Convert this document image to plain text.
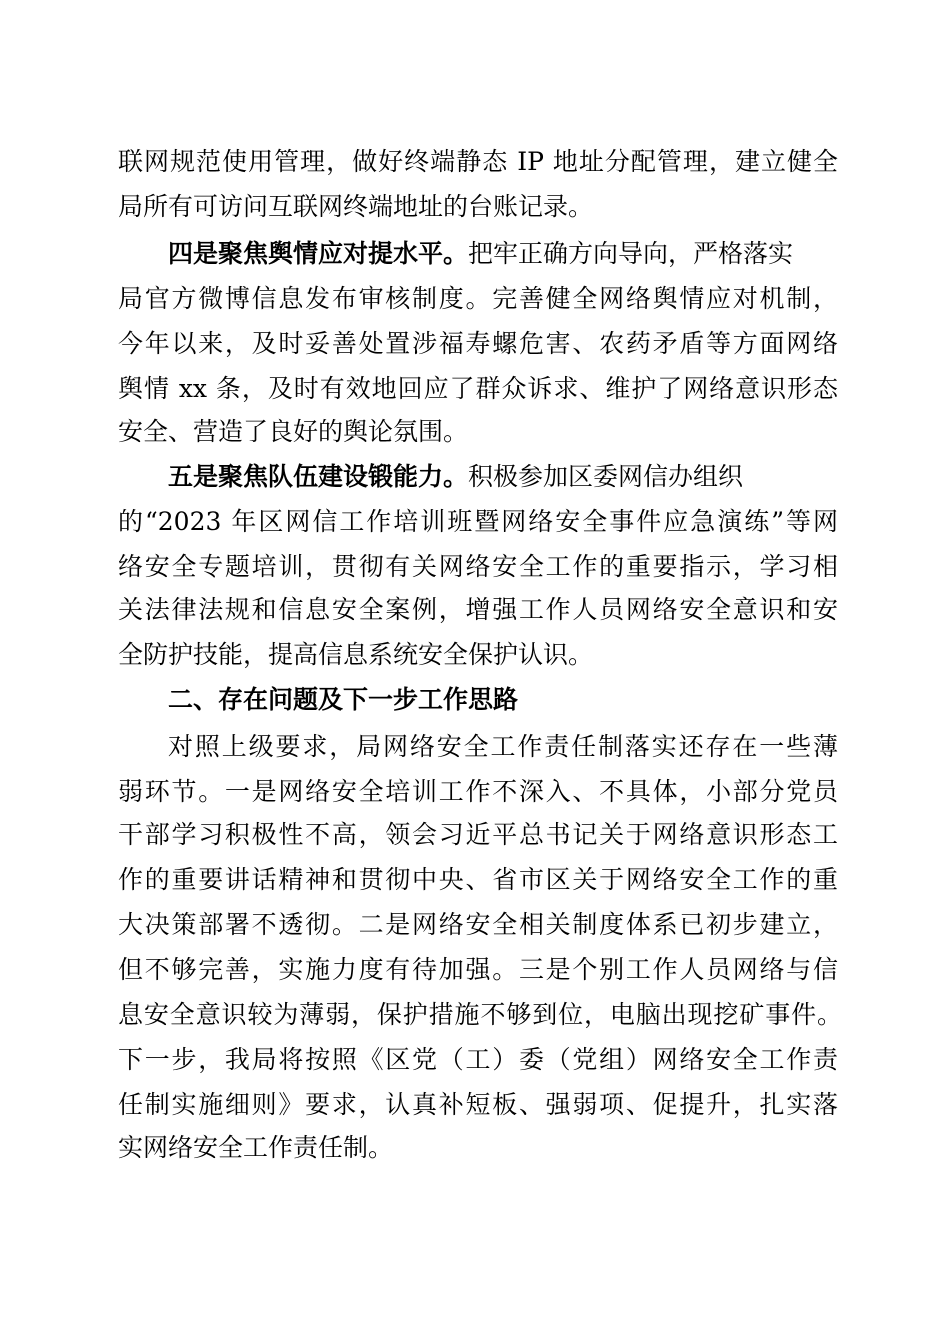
联网规范使用管理，做好终端静态 IP 地址分配管理，建立健全
局所有可访问互联网终端地址的台账记录。
四是聚焦舆情应对提水平。把牢正确方向导向，严格落实
局官方微博信息发布审核制度。完善健全网络舆情应对机制，
今年以来，及时妥善处置涉福寿螺危害、农药矛盾等方面网络
舆情 xx 条，及时有效地回应了群众诉求、维护了网络意识形态
安全、营造了良好的舆论氛围。
五是聚焦队伍建设锻能力。积极参加区委网信办组织
的“2023 年区网信工作培训班暨网络安全事件应急演练”等网
络安全专题培训，贯彻有关网络安全工作的重要指示，学习相
关法律法规和信息安全案例，增强工作人员网络安全意识和安
全防护技能，提高信息系统安全保护认识。
二、存在问题及下一步工作思路
对照上级要求，局网络安全工作责任制落实还存在一些薄
弱环节。一是网络安全培训工作不深入、不具体，小部分党员
干部学习积极性不高，领会习近平总书记关于网络意识形态工
作的重要讲话精神和贯彻中央、省市区关于网络安全工作的重
大决策部署不透彻。二是网络安全相关制度体系已初步建立，
但不够完善，实施力度有待加强。三是个别工作人员网络与信
息安全意识较为薄弱，保护措施不够到位，电脑出现挖矿事件。
下一步，我局将按照《区党（工）委（党组）网络安全工作责
任制实施细则》要求，认真补短板、强弱项、促提升，扎实落
实网络安全工作责任制。
